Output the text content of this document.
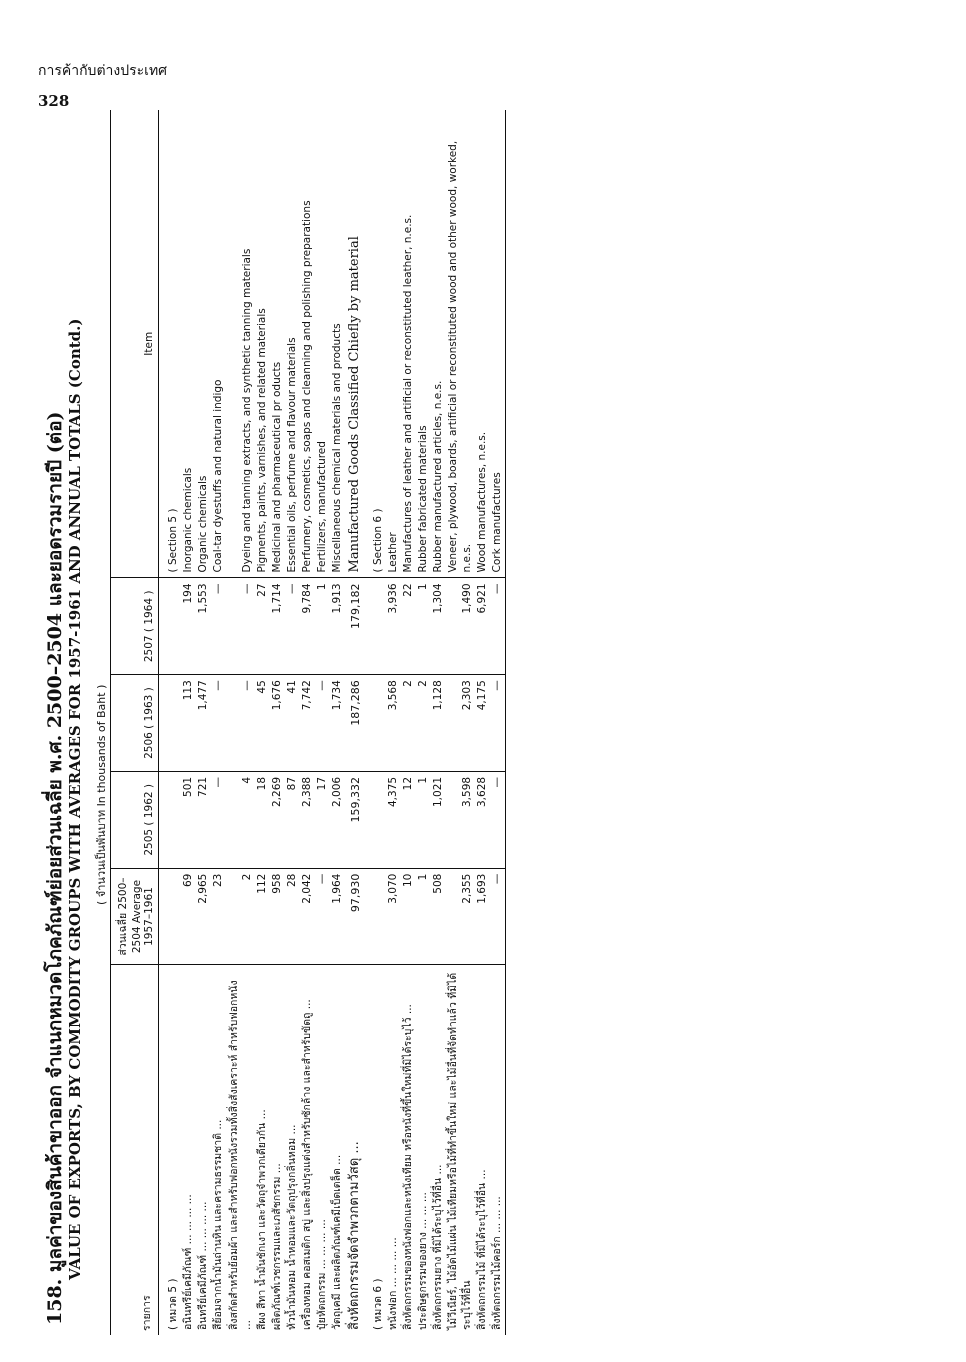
การค้ากับต่างประเทศ
328
158. มูลค่าของสินค้าขาออก จำแนกหมวดโภคภัณฑ์ย่อยส่วนเฉลี่ย พ.ศ. 2500–2504 และยอดรวมรายปี (ต่อ) VALUE OF EXPORTS, BY COMMODITY GROUPS WITH AVERAGES FOR 1957-1961 AND ANNUAL TOTALS (Contd.) ( จำนวนเป็นพันบาท In thousands of Baht )
รายการ	ส่วนเฉลี่ย 2500–2504 Average 1957–1961	2505 ( 1962 )	2506 ( 1963 )	2507 ( 1964 )	Item
( หมวด 5 )					( Section 5 )
อนินทรีย์เคมีภัณฑ์ ... ... ... ...	69	501	113	194	Inorganic chemicals
อินทรีย์เคมีภัณฑ์ ... ... ... ...	2,965	721	1,477	1,553	Organic chemicals
สีย้อมจากน้ำมันถ่านหิน และครามธรรมชาติ ...	23	—	—	—	Coal-tar dyestuffs and natural indigo
สิ่งสกัดสำหรับย้อมผ้า และสำหรับฟอกหนังรวมทั้งสิ่งสังเคราะห์ สำหรับฟอกหนัง ...	2	4	—	—	Dyeing and tanning extracts, and synthetic tanning materials
สีผง สีทา น้ำมันชักเงา และวัตถุจำพวกเดียวกัน ...	112	18	45	27	Pigments, paints, varnishes, and related materials
ผลิตภัณฑ์เวชกรรมและเภสัชกรรม ...	958	2,269	1,676	1,714	Medicinal and pharmaceutical pr oducts
หัวน้ำมันหอม น้ำหอมและวัตถุปรุงกลิ่นหอม ...	28	87	41	—	Essential oils, perfume and flavour materials
เครื่องหอม คอสเมติก สบู่ และสิ่งปรุงแต่งสำหรับซักล้าง และสำหรับขัดถู ...	2,042	2,388	7,742	9,784	Perfumery, cosmetics, soaps and cleanning and polishing preparations
ปุ๋ยหัตถกรรม ... ... ... ...	—	17	—	1	Fertilizers, manufactured
วัตถุเคมี และผลิตภัณฑ์เคมีเบ็ดเตล็ด ...	1,964	2,006	1,734	1,913	Miscellaneous chemical materials and products
สิ่งหัตถกรรมจัดจำพวกตามวัสดุ ...	97,930	159,332	187,286	179,182	Manufactured Goods Classified Chiefly by material
( หมวด 6 )					( Section 6 )
หนังฟอก ... ... ... ...	3,070	4,375	3,568	3,936	Leather
สิ่งหัตถกรรมของหนังฟอกและหนังเทียม หรือหนังที่ขึ้นใหม่ที่มิได้ระบุไว้ ...	10	12	2	22	Manufactures of leather and artificial or reconstituted leather, n.e.s.
ประดิษฐกรรมของยาง ... ... ...	1	1	2	1	Rubber fabricated materials
สิ่งหัตถกรรมยาง ที่มิได้ระบุไว้ที่อื่น ...	508	1,021	1,128	1,304	Rubber manufactured articles, n.e.s.
ไม้วีเนียร์, ไม้อัดไม้แผ่น ไม้เทียมหรือไม้ที่ทำขึ้นใหม่ และไม้อื่นที่จัดทำแล้ว ที่มิได้ระบุไว้ที่อื่น	2,355	3,598	2,303	1,490	Veneer, plywood, boards, artificial or reconstituted wood and other wood, worked, n.e.s.
สิ่งหัตถกรรมไม้ ที่มิได้ระบุไว้ที่อื่น ...	1,693	3,628	4,175	6,921	Wood manufactures, n.e.s.
สิ่งหัตถกรรมไม้คอร์ก ... ... ...	—	—	—	—	Cork manufactures
